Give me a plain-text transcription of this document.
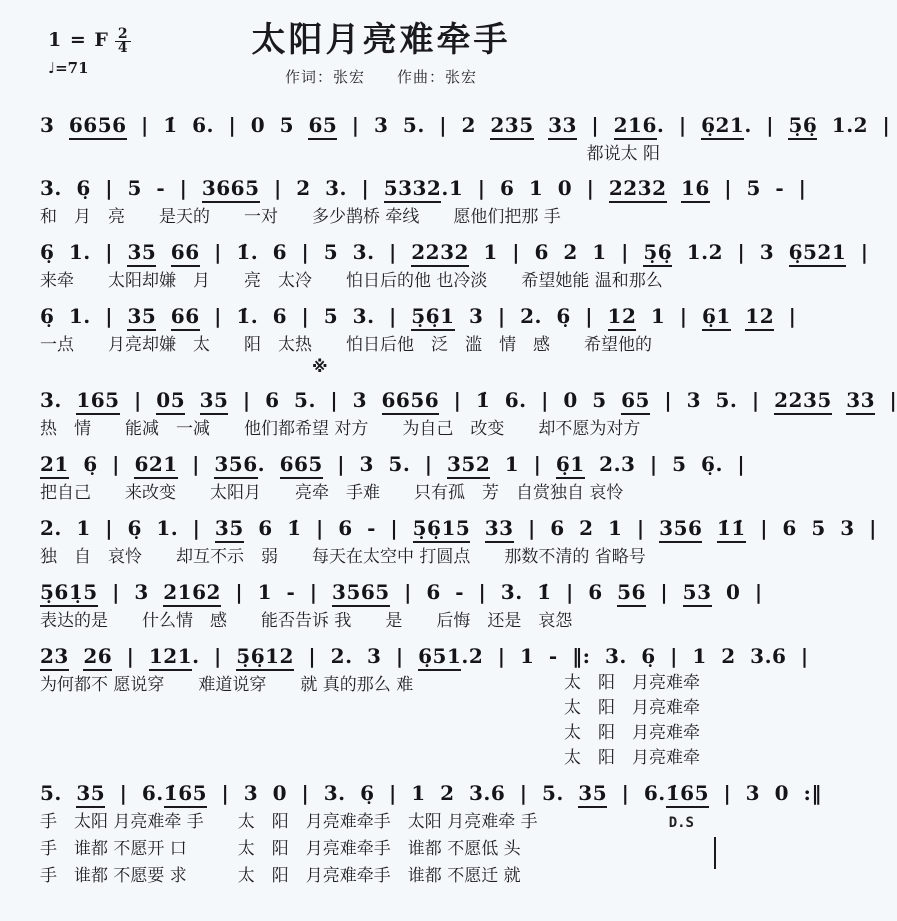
1 = F $\frac{2}{4}$
♩=71
太阳月亮难牵手
作词：张宏　　作曲：张宏
3 6656 | 1̇ 6. | 0 5 65 | 3 5. | 2 235 33 | 216. | 6̣21. | 5̣6̣ 1.2 |
都说太 阳
3. 6̣ | 5 - | 3665 | 2 3. | 5332.1 | 6 1 0 | 2232 16 | 5 - |
和　月　亮　　是天的　　一对　　多少鹊桥 牵线　　愿他们把那 手
6̣ 1. | 35 66 | 1̇. 6 | 5 3. | 2232 1 | 6 2 1 | 5̣6̣ 1.2 | 3 6̣521 |
来牵　　太阳却嫌　月　　亮　太冷　　怕日后的他 也冷淡　　希望她能 温和那么
6̣ 1. | 35 66 | 1̇. 6 | 5 3. | 5̣6̣1 3 | 2. 6̣ | 12 1 | 6̣1 12 |
一点　　月亮却嫌　太　　阳　太热　　怕日后他　泛　滥　情　感　　希望他的
※
3. 165 | 05 35 | 6 5. | 3 6656 | 1̇ 6. | 0 5 65 | 3 5. | 2235 33 |
热　情　　能减　一减　　他们都希望 对方　　为自己　改变　　却不愿为对方
21 6̣ | 621 | 356. 665 | 3 5. | 352 1 | 6̣1 2.3 | 5 6̣. |
把自己　　来改变　　太阳月　　亮牵　手难　　只有孤　芳　自赏独自 哀怜
2. 1 | 6̣ 1. | 35 6 1̇ | 6 - | 5̣6̣15 33 | 6 2 1 | 356 1̇1̇ | 6 5 3 |
独　自　哀怜　　却互不示　弱　　每天在太空中 打圆点　　那数不清的 省略号
5̣61̣5 | 3 2162 | 1 - | 3565 | 6 - | 3. 1̇ | 6 56 | 53 0 |
表达的是　　什么情　感　　能否告诉 我　　是　　后悔　还是　哀怨
23 26 | 121. | 5̣6̣12 | 2. 3 | 6̣51.2 | 1 - ‖: 3. 6̣ | 1 2 3.6 |
为何都不 愿说穿　　难道说穿　　就 真的那么 难	太　阳　月亮难牵
太　阳　月亮难牵
太　阳　月亮难牵
太　阳　月亮难牵
5. 35 | 6.1̇65 | 3 0 | 3. 6̣ | 1 2 3.6 | 5. 35 | 6.1̇65 | 3 0 :‖
手　太阳 月亮难牵 手　　太　阳　月亮难牵手　太阳 月亮难牵 手	D.S
手　谁都 不愿开 口　　　太　阳　月亮难牵手　谁都 不愿低 头
手　谁都 不愿要 求　　　太　阳　月亮难牵手　谁都 不愿迁 就
